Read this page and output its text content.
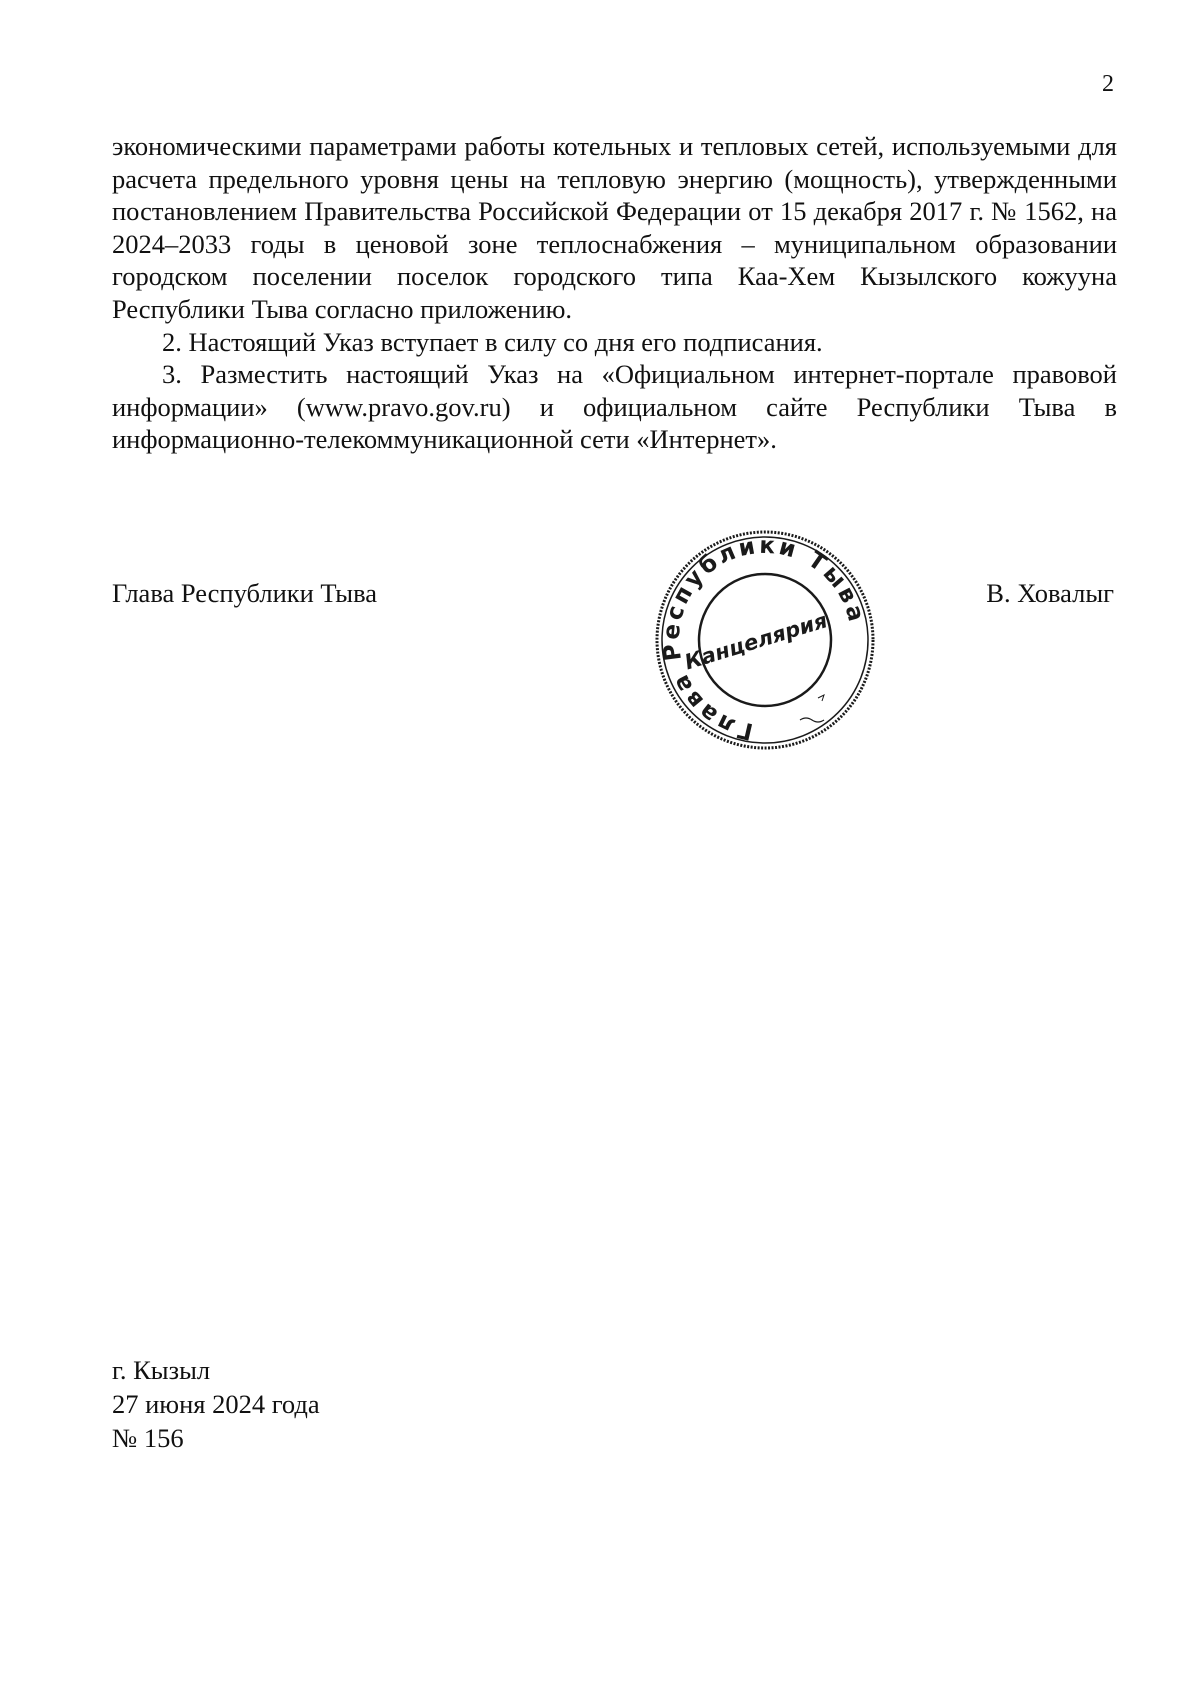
2

экономическими параметрами работы котельных и тепловых сетей, используемыми для расчета предельного уровня цены на тепловую энергию (мощность), утвержденными постановлением Правительства Российской Федерации от 15 декабря 2017 г. № 1562, на 2024–2033 годы в ценовой зоне теплоснабжения – муниципальном образовании городском поселении поселок городского типа Каа-Хем Кызылского кожууна Республики Тыва согласно приложению.

2. Настоящий Указ вступает в силу со дня его подписания.

3. Разместить настоящий Указ на «Официальном интернет-портале правовой информации» (www.pravo.gov.ru) и официальном сайте Республики Тыва в информационно-телекоммуникационной сети «Интернет».

Глава Республики Тыва
Глава Республики Тыва
Канцелярия
В. Ховалыг
г. Кызыл
27 июня 2024 года
№ 156
